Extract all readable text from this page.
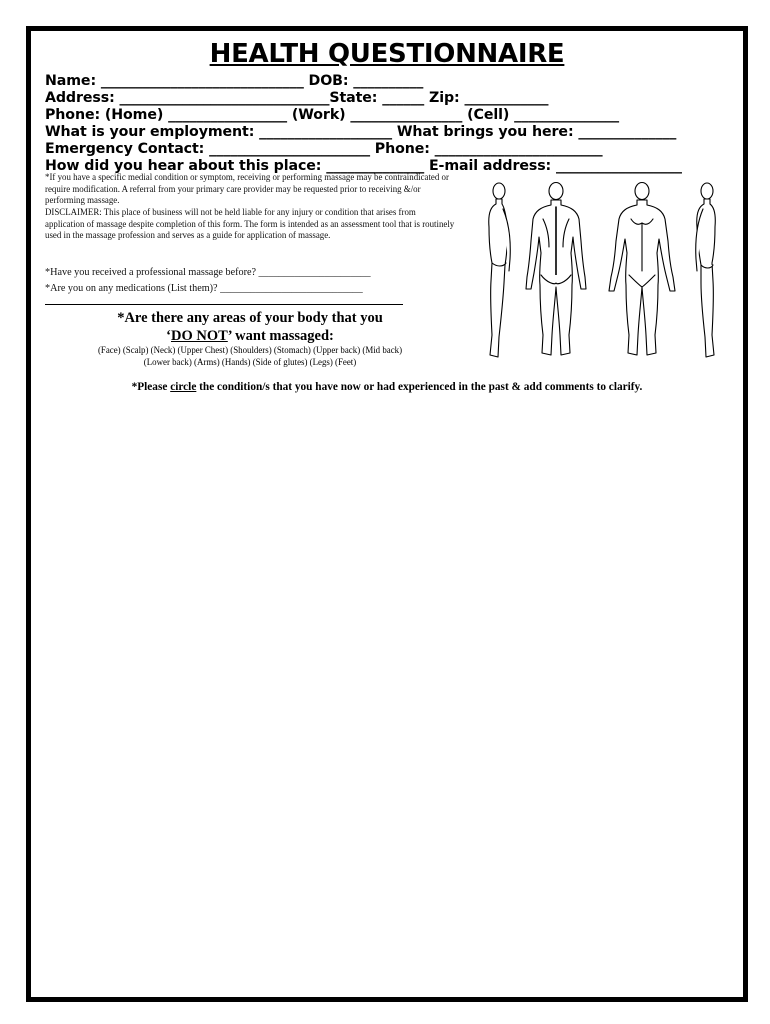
HEALTH QUESTIONNAIRE
Name: _____________________________ DOB: __________
Address: ______________________________State: ______ Zip: ____________
Phone: (Home) _________________ (Work) ________________ (Cell) _______________
What is your employment: ___________________ What brings you here: ______________
Emergency Contact: _______________________ Phone: ________________________
How did you hear about this place: ______________ E-mail address: __________________
*If you have a specific medial condition or symptom, receiving or performing massage may be contraindicated or require modification. A referral from your primary care provider may be requested prior to receiving &/or performing massage.
DISCLAIMER: This place of business will not be held liable for any injury or condition that arises from application of massage despite completion of this form. The form is intended as an assessment tool that is routinely used in the massage profession and serves as a guide for application of massage.
*Have you received a professional massage before? ______________________
*Are you on any medications (List them)? ____________________________
*Are there any areas of your body that you
‘DO NOT’ want massaged:
(Face) (Scalp) (Neck) (Upper Chest) (Shoulders) (Stomach) (Upper back) (Mid back)
(Lower back) (Arms) (Hands) (Side of glutes) (Legs) (Feet)
*Please circle the condition/s that you have now or had experienced in the past & add comments to clarify.
